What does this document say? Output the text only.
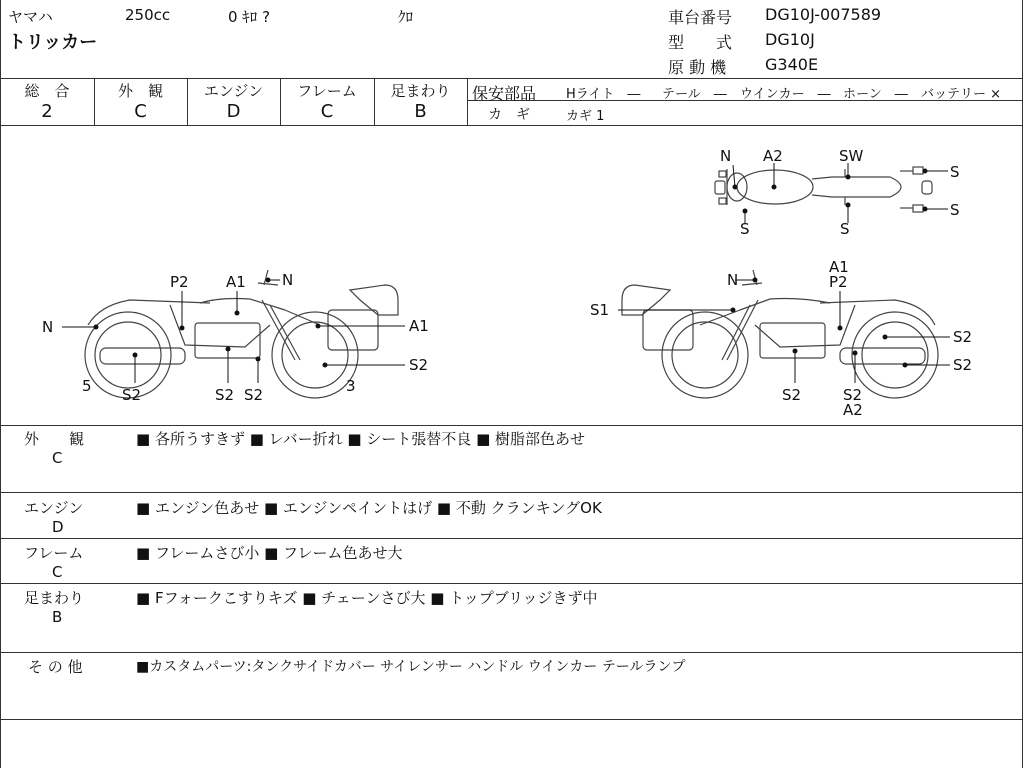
ヤマハ	250cc	0 ｷﾛ ?	ｸﾛ
トリッカー
車台番号 DG10J-007589
型　　式 DG10J
原 動 機 G340E
総　合
2
外　観
C
エンジン
D
フレーム
C
足まわり
B
保安部品 Hライト　― テール　― ウインカー　― ホーン　― バッテリー ×
カ　ギ	カギ 1
N A2	SW
S
S
S	S
P2 A1 N
N	A1
S2
5 S2	S2 S2	3
N
A1
P2
S1
S2
S2
S2	S2
A2
外　　観
C
■ 各所うすきず ■ レバー折れ ■ シート張替不良 ■ 樹脂部色あせ
エンジン
D
■ エンジン色あせ ■ エンジンペイントはげ ■ 不動 クランキングOK
フレーム
C
■ フレームさび小 ■ フレーム色あせ大
足まわり
B
■ Fフォークこすりキズ ■ チェーンさび大 ■ トップブリッジきず中
そ の 他	■カスタムパーツ:タンクサイドカバー サイレンサー ハンドル ウインカー テールランプ
